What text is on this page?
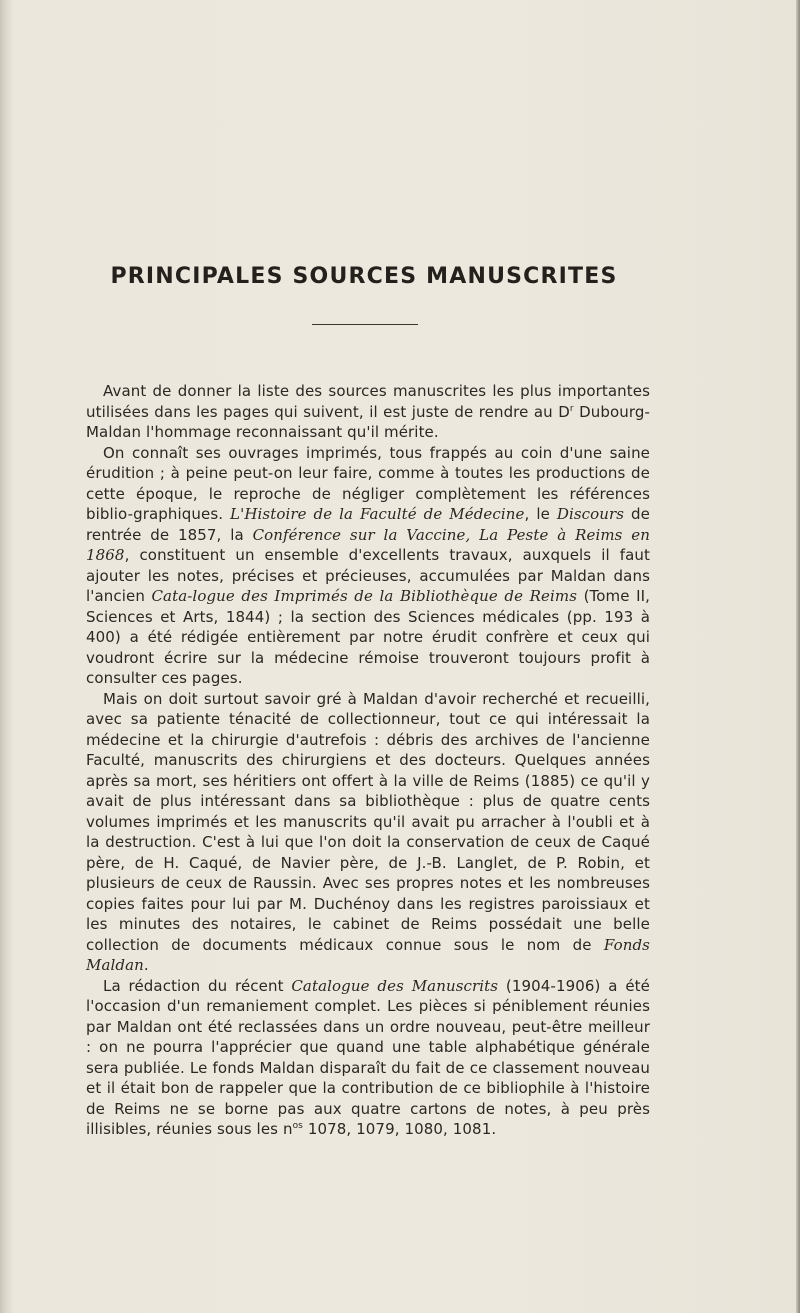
PRINCIPALES SOURCES MANUSCRITES

Avant de donner la liste des sources manuscrites les plus importantes utilisées dans les pages qui suivent, il est juste de rendre au $D^r$ Dubourg-Maldan l'hommage reconnaissant qu'il mérite.

On connaît ses ouvrages imprimés, tous frappés au coin d'une saine érudition ; à peine peut-on leur faire, comme à toutes les productions de cette époque, le reproche de négliger complètement les références biblio-graphiques. L'Histoire de la Faculté de Médecine, le Discours de rentrée de 1857, la Conférence sur la Vaccine, La Peste à Reims en 1868, constituent un ensemble d'excellents travaux, auxquels il faut ajouter les notes, précises et précieuses, accumulées par Maldan dans l'ancien Cata-logue des Imprimés de la Bibliothèque de Reims (Tome II, Sciences et Arts, 1844) ; la section des Sciences médicales (pp. 193 à 400) a été rédigée entièrement par notre érudit confrère et ceux qui voudront écrire sur la médecine rémoise trouveront toujours profit à consulter ces pages.

Mais on doit surtout savoir gré à Maldan d'avoir recherché et recueilli, avec sa patiente ténacité de collectionneur, tout ce qui intéressait la médecine et la chirurgie d'autrefois : débris des archives de l'ancienne Faculté, manuscrits des chirurgiens et des docteurs. Quelques années après sa mort, ses héritiers ont offert à la ville de Reims (1885) ce qu'il y avait de plus intéressant dans sa bibliothèque : plus de quatre cents volumes imprimés et les manuscrits qu'il avait pu arracher à l'oubli et à la destruction. C'est à lui que l'on doit la conservation de ceux de Caqué père, de H. Caqué, de Navier père, de J.-B. Langlet, de P. Robin, et plusieurs de ceux de Raussin. Avec ses propres notes et les nombreuses copies faites pour lui par M. Duchénoy dans les registres paroissiaux et les minutes des notaires, le cabinet de Reims possédait une belle collection de documents médicaux connue sous le nom de Fonds Maldan.

La rédaction du récent Catalogue des Manuscrits (1904-1906) a été l'occasion d'un remaniement complet. Les pièces si péniblement réunies par Maldan ont été reclassées dans un ordre nouveau, peut-être meilleur : on ne pourra l'apprécier que quand une table alphabétique générale sera publiée. Le fonds Maldan disparaît du fait de ce classement nouveau et il était bon de rappeler que la contribution de ce bibliophile à l'histoire de Reims ne se borne pas aux quatre cartons de notes, à peu près illisibles, réunies sous les $n^{os}$ 1078, 1079, 1080, 1081.
